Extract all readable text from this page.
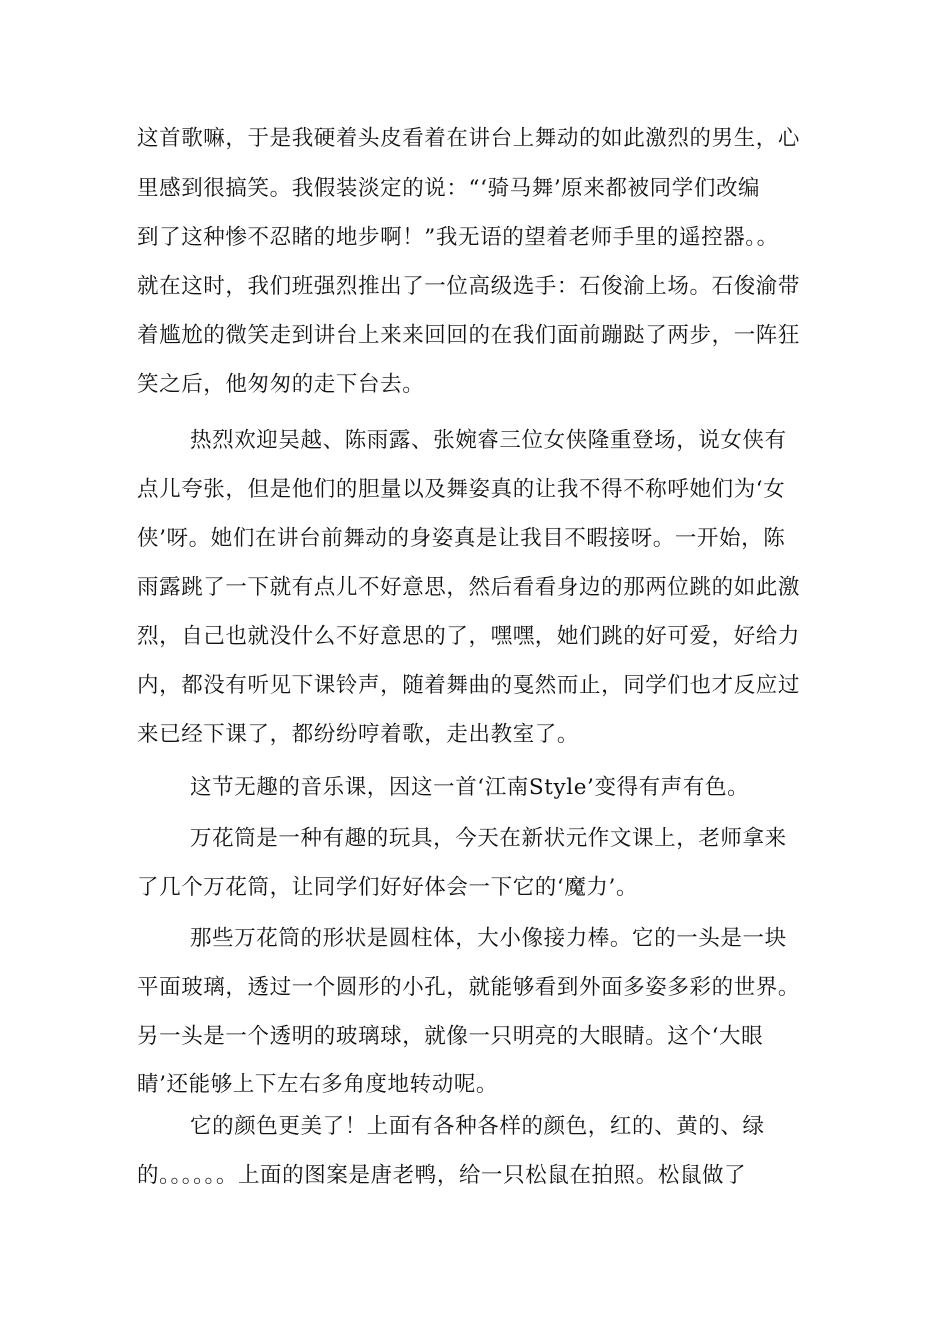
这首歌嘛，于是我硬着头皮看着在讲台上舞动的如此激烈的男生，心
里感到很搞笑。我假装淡定的说：“‘骑马舞’原来都被同学们改编
到了这种惨不忍睹的地步啊！”我无语的望着老师手里的遥控器。。
就在这时，我们班强烈推出了一位高级选手：石俊渝上场。石俊渝带
着尴尬的微笑走到讲台上来来回回的在我们面前蹦跶了两步，一阵狂
笑之后，他匆匆的走下台去。
热烈欢迎吴越、陈雨露、张婉睿三位女侠隆重登场，说女侠有
点儿夸张，但是他们的胆量以及舞姿真的让我不得不称呼她们为‘女
侠’呀。她们在讲台前舞动的身姿真是让我目不暇接呀。一开始，陈
雨露跳了一下就有点儿不好意思，然后看看身边的那两位跳的如此激
烈，自己也就没什么不好意思的了，嘿嘿，她们跳的好可爱，好给力
内，都没有听见下课铃声，随着舞曲的戛然而止，同学们也才反应过
来已经下课了，都纷纷哼着歌，走出教室了。
这节无趣的音乐课，因这一首‘江南Style’变得有声有色。
万花筒是一种有趣的玩具，今天在新状元作文课上，老师拿来
了几个万花筒，让同学们好好体会一下它的‘魔力’。
那些万花筒的形状是圆柱体，大小像接力棒。它的一头是一块
平面玻璃，透过一个圆形的小孔，就能够看到外面多姿多彩的世界。
另一头是一个透明的玻璃球，就像一只明亮的大眼睛。这个‘大眼
睛’还能够上下左右多角度地转动呢。
它的颜色更美了！上面有各种各样的颜色，红的、黄的、绿
的。。。。。。上面的图案是唐老鸭，给一只松鼠在拍照。松鼠做了
